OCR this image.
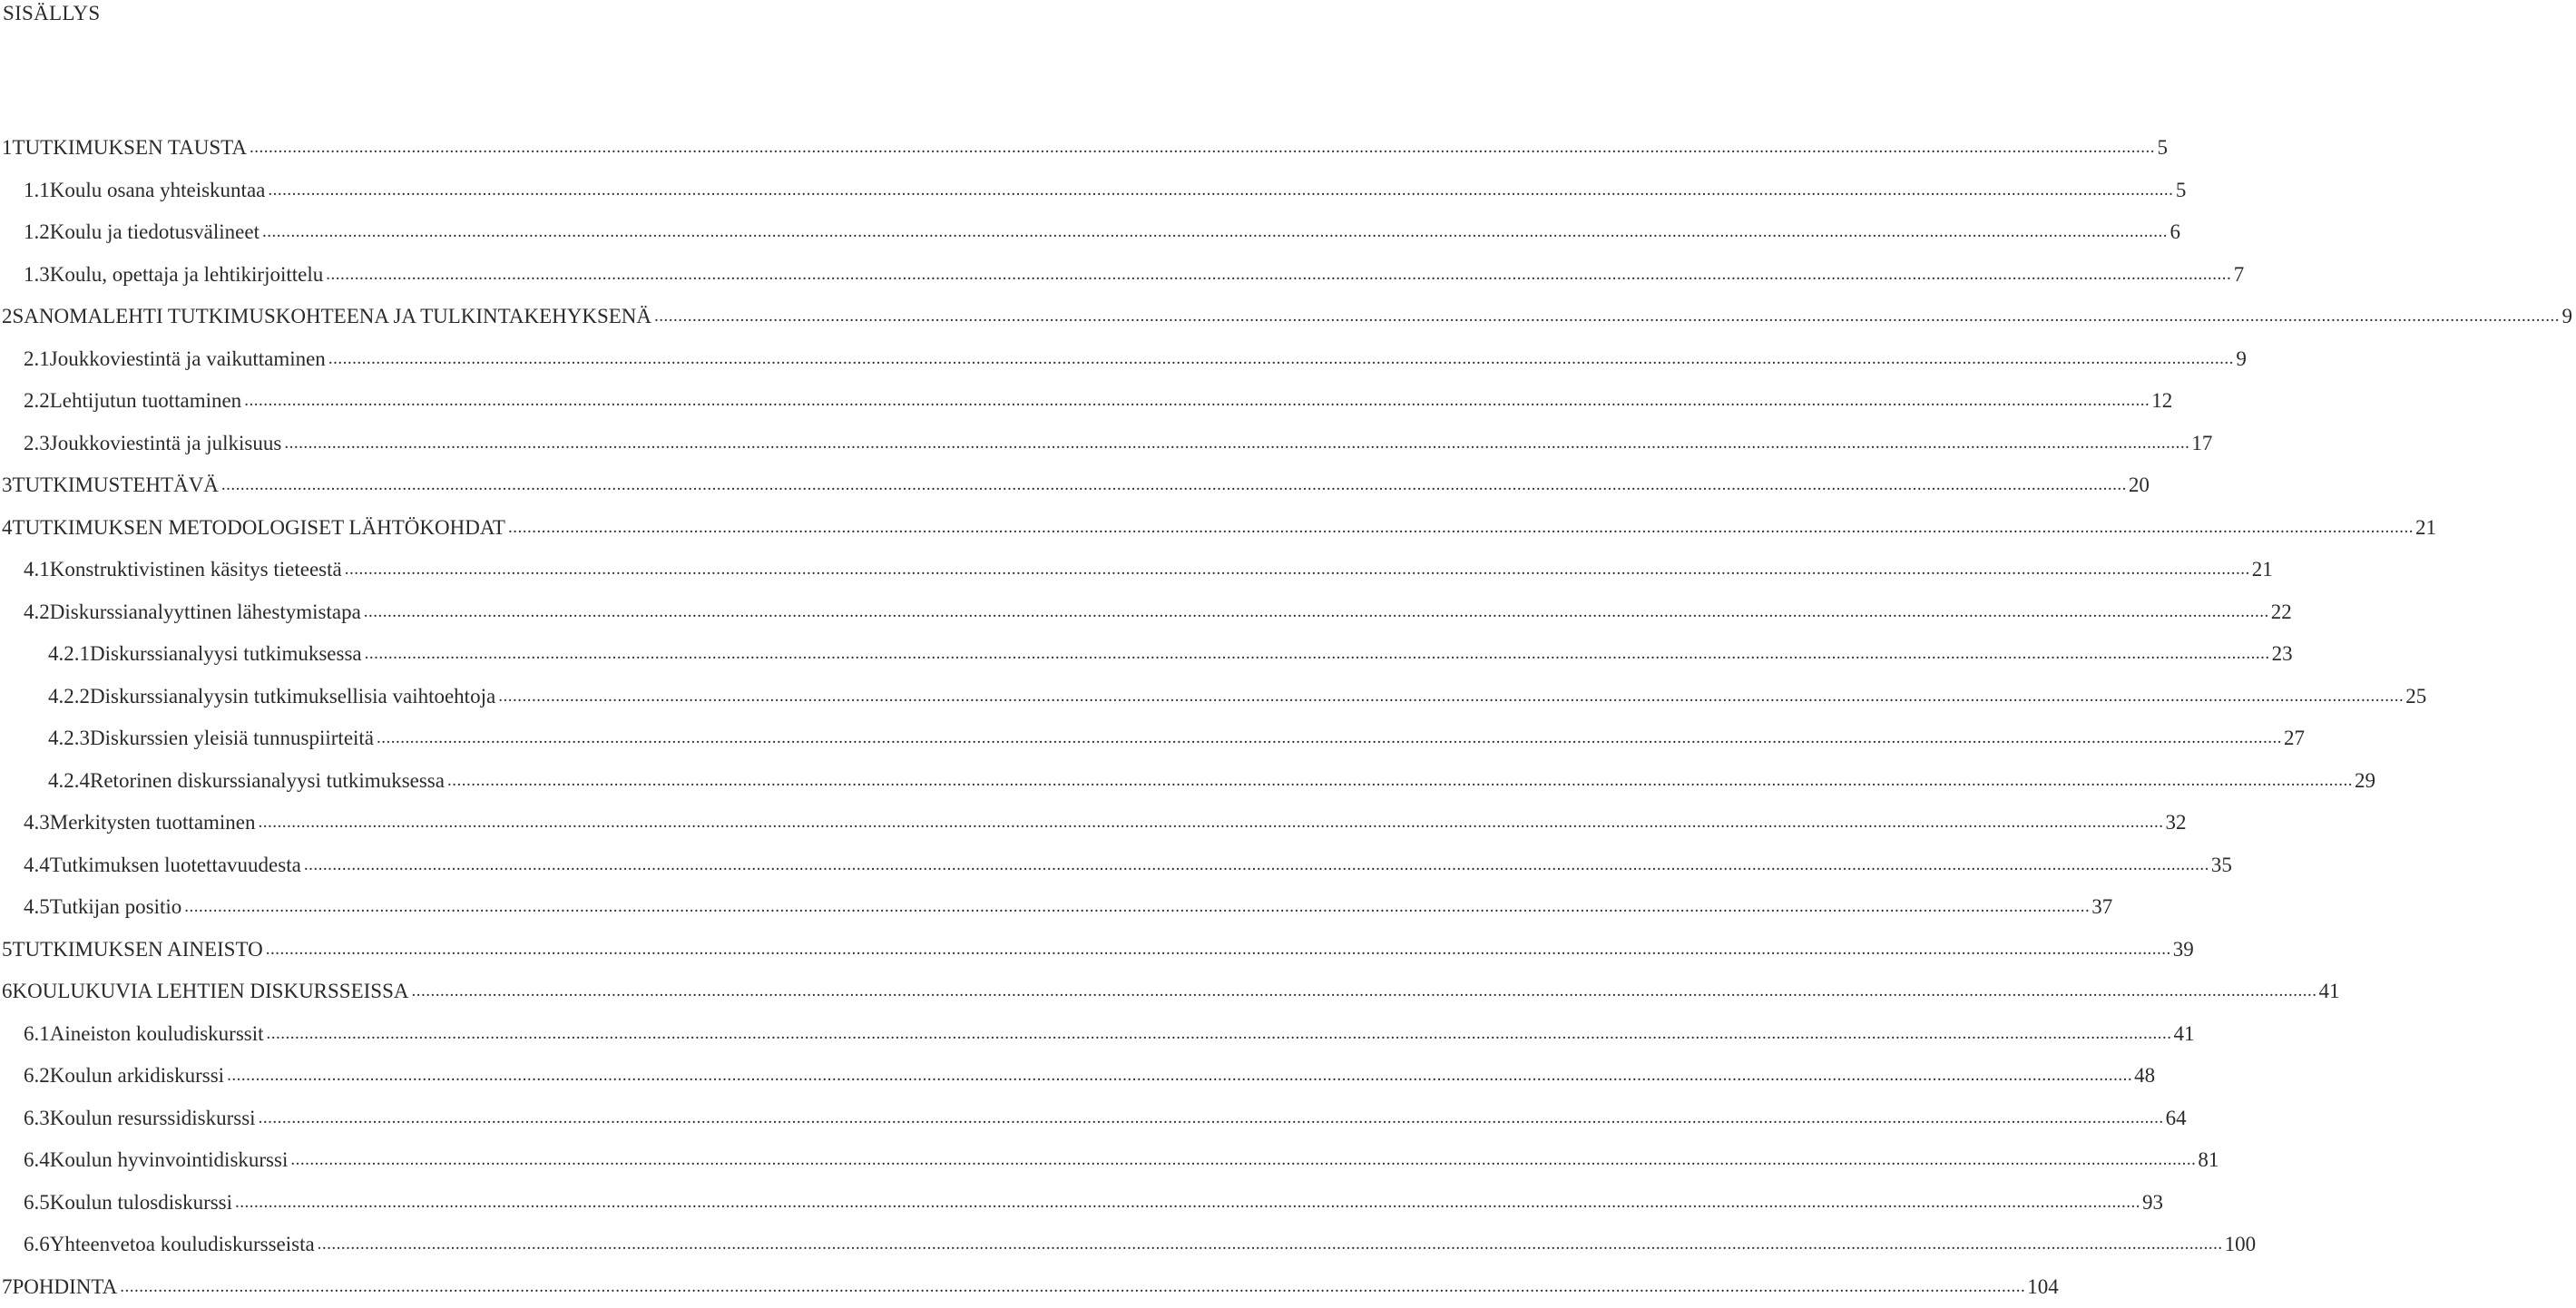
SISÄLLYS
1 TUTKIMUKSEN TAUSTA ................................................................................................................................................................................................................................................................................................................................................................................................................ 5
1.1 Koulu osana yhteiskuntaa ................................................................................................................................................................................................................................................................................................................................................................................................................ 5
1.2 Koulu ja tiedotusvälineet ................................................................................................................................................................................................................................................................................................................................................................................................................ 6
1.3 Koulu, opettaja ja lehtikirjoittelu ................................................................................................................................................................................................................................................................................................................................................................................................................ 7
2 SANOMALEHTI TUTKIMUSKOHTEENA JA TULKINTAKEHYKSENÄ ................................................................................................................................................................................................................................................................................................................................................................................................................ 9
2.1 Joukkoviestintä ja vaikuttaminen ................................................................................................................................................................................................................................................................................................................................................................................................................ 9
2.2 Lehtijutun tuottaminen ................................................................................................................................................................................................................................................................................................................................................................................................................ 12
2.3 Joukkoviestintä ja julkisuus ................................................................................................................................................................................................................................................................................................................................................................................................................ 17
3 TUTKIMUSTEHTÄVÄ ................................................................................................................................................................................................................................................................................................................................................................................................................ 20
4 TUTKIMUKSEN METODOLOGISET LÄHTÖKOHDAT ................................................................................................................................................................................................................................................................................................................................................................................................................ 21
4.1 Konstruktivistinen käsitys tieteestä ................................................................................................................................................................................................................................................................................................................................................................................................................ 21
4.2 Diskurssianalyyttinen lähestymistapa ................................................................................................................................................................................................................................................................................................................................................................................................................ 22
4.2.1 Diskurssianalyysi tutkimuksessa ................................................................................................................................................................................................................................................................................................................................................................................................................ 23
4.2.2 Diskurssianalyysin tutkimuksellisia vaihtoehtoja ................................................................................................................................................................................................................................................................................................................................................................................................................ 25
4.2.3 Diskurssien yleisiä tunnuspiirteitä ................................................................................................................................................................................................................................................................................................................................................................................................................ 27
4.2.4 Retorinen diskurssianalyysi tutkimuksessa ................................................................................................................................................................................................................................................................................................................................................................................................................ 29
4.3 Merkitysten tuottaminen ................................................................................................................................................................................................................................................................................................................................................................................................................ 32
4.4 Tutkimuksen luotettavuudesta ................................................................................................................................................................................................................................................................................................................................................................................................................ 35
4.5 Tutkijan positio ................................................................................................................................................................................................................................................................................................................................................................................................................ 37
5 TUTKIMUKSEN AINEISTO ................................................................................................................................................................................................................................................................................................................................................................................................................ 39
6 KOULUKUVIA LEHTIEN DISKURSSEISSA ................................................................................................................................................................................................................................................................................................................................................................................................................ 41
6.1 Aineiston kouludiskurssit ................................................................................................................................................................................................................................................................................................................................................................................................................ 41
6.2 Koulun arkidiskurssi ................................................................................................................................................................................................................................................................................................................................................................................................................ 48
6.3 Koulun resurssidiskurssi ................................................................................................................................................................................................................................................................................................................................................................................................................ 64
6.4 Koulun hyvinvointidiskurssi ................................................................................................................................................................................................................................................................................................................................................................................................................ 81
6.5 Koulun tulosdiskurssi ................................................................................................................................................................................................................................................................................................................................................................................................................ 93
6.6 Yhteenvetoa kouludiskursseista ................................................................................................................................................................................................................................................................................................................................................................................................................ 100
7 POHDINTA ................................................................................................................................................................................................................................................................................................................................................................................................................ 104
